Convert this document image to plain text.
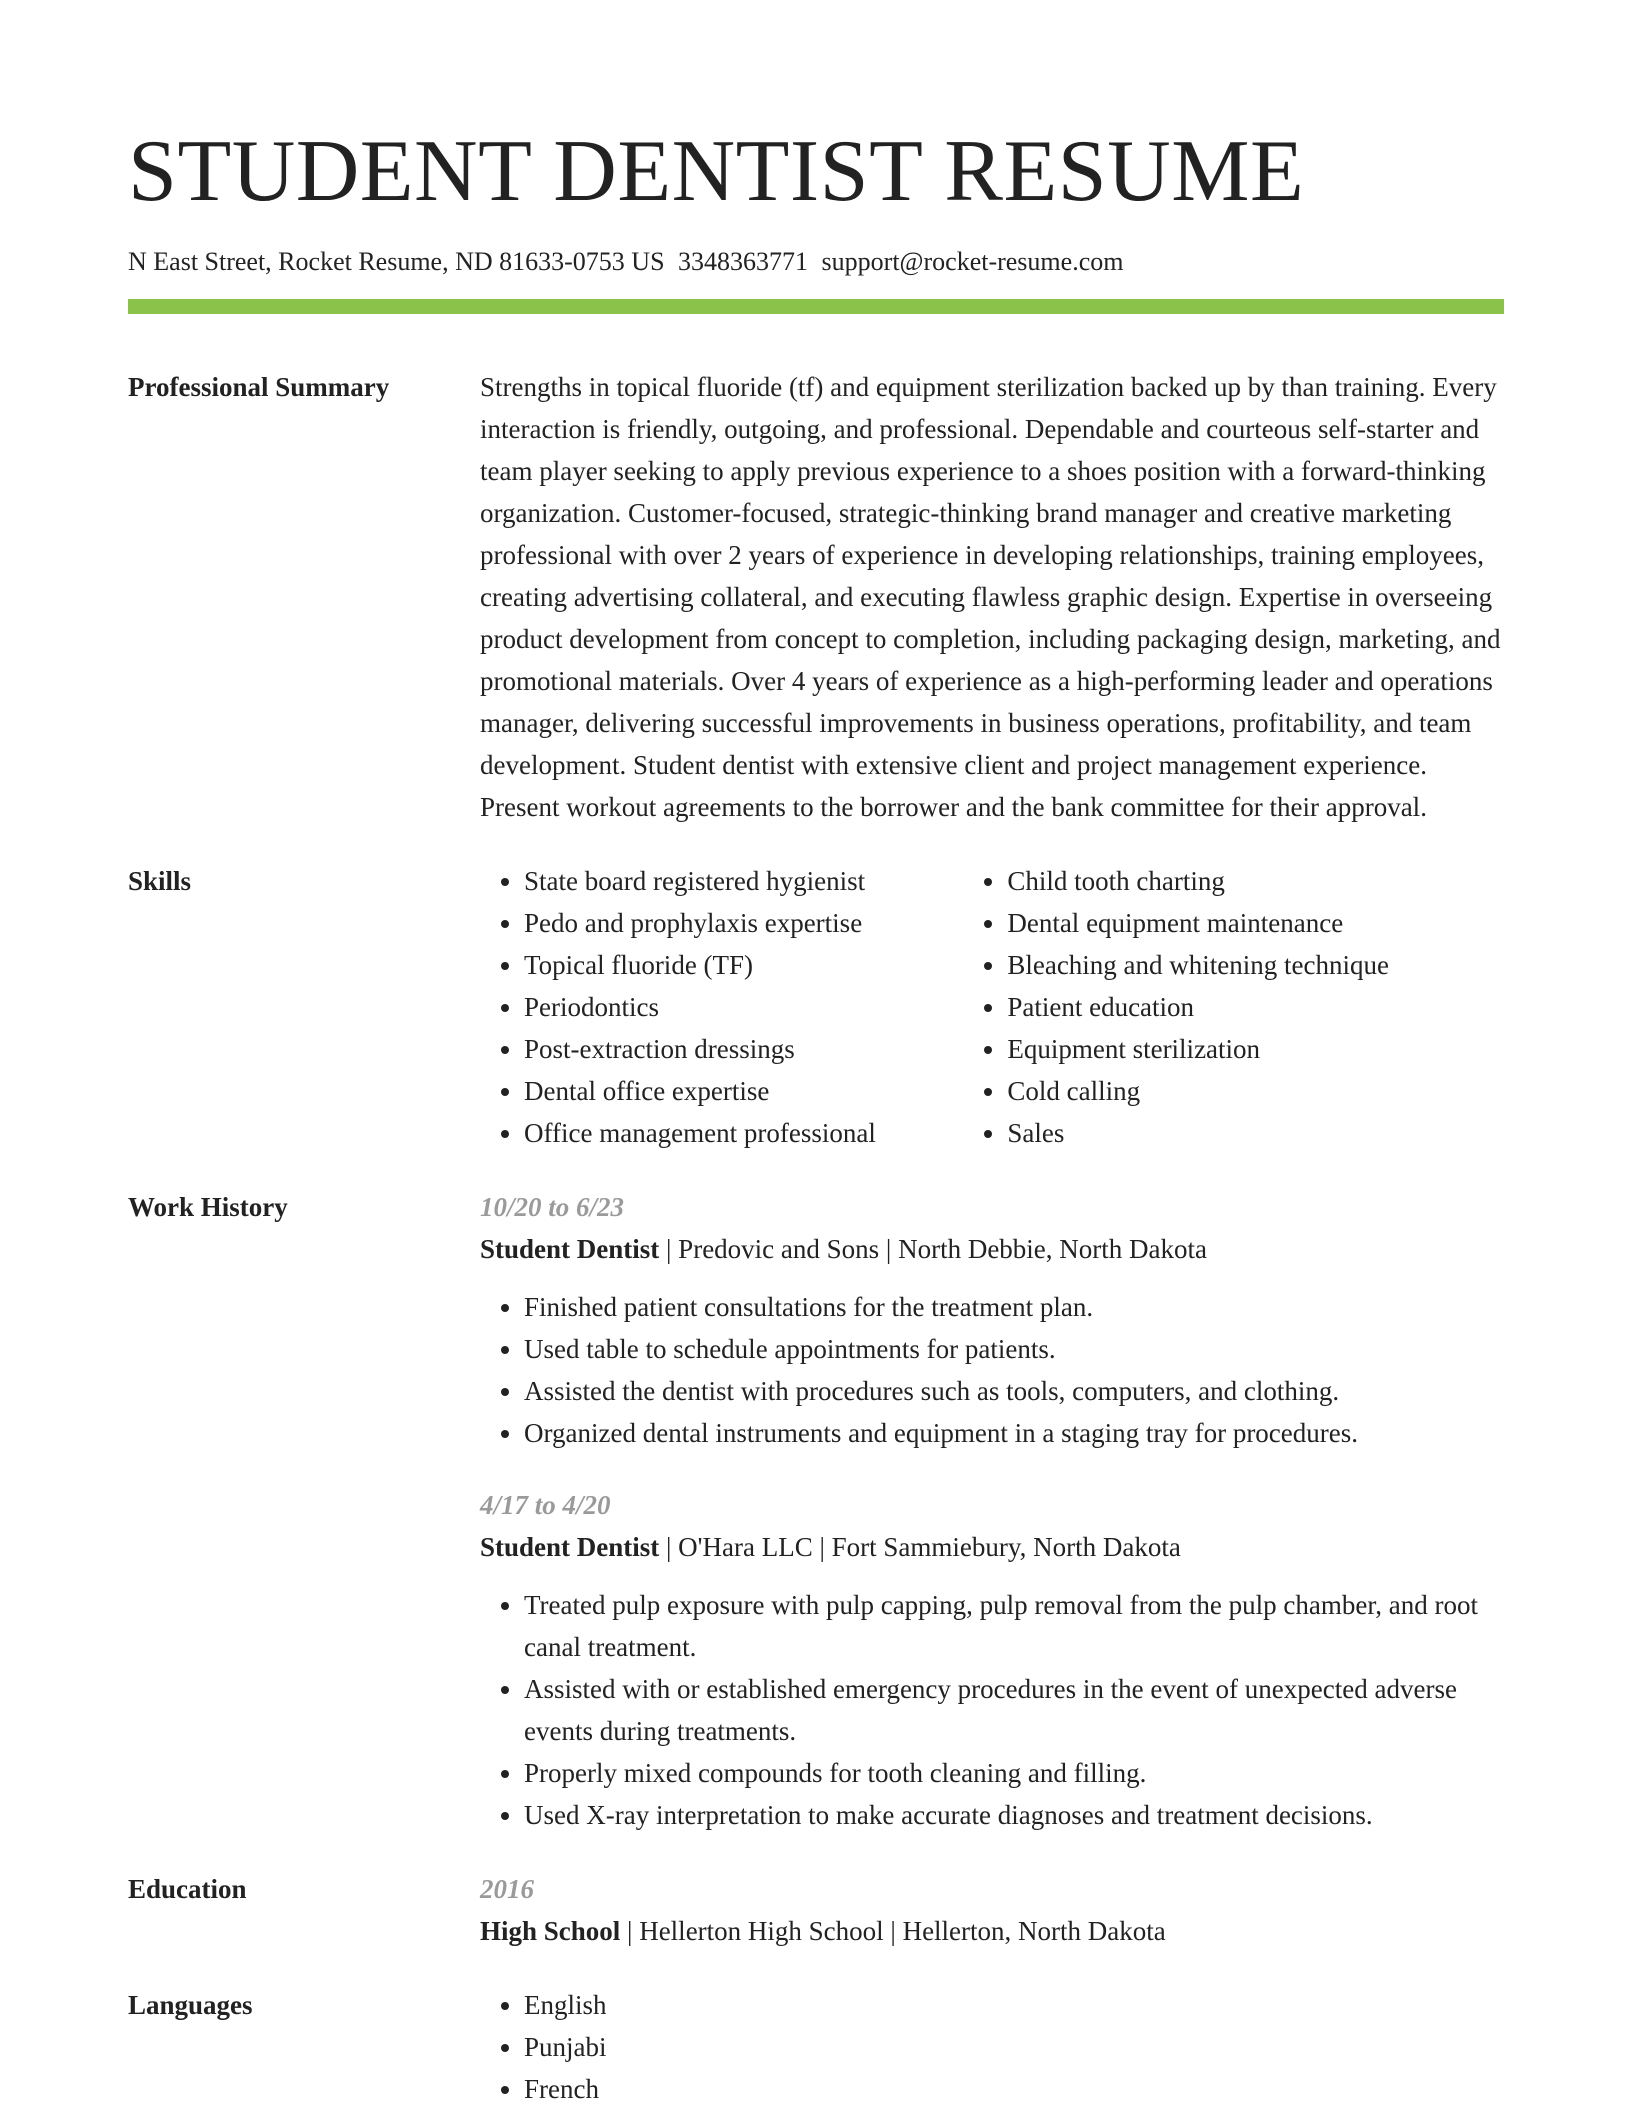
STUDENT DENTIST RESUME
N East Street, Rocket Resume, ND 81633-0753 US 3348363771 support@rocket-resume.com
Professional Summary	Strengths in topical fluoride (tf) and equipment sterilization backed up by than training. Every interaction is friendly, outgoing, and professional. Dependable and courteous self-starter and team player seeking to apply previous experience to a shoes position with a forward-thinking organization. Customer-focused, strategic-thinking brand manager and creative marketing professional with over 2 years of experience in developing relationships, training employees, creating advertising collateral, and executing flawless graphic design. Expertise in overseeing product development from concept to completion, including packaging design, marketing, and promotional materials. Over 4 years of experience as a high-performing leader and operations manager, delivering successful improvements in business operations, profitability, and team development. Student dentist with extensive client and project management experience. Present workout agreements to the borrower and the bank committee for their approval.

Skills	• State board registered hygienist
• Pedo and prophylaxis expertise
• Topical fluoride (TF)
• Periodontics
• Post-extraction dressings
• Dental office expertise
• Office management professional
• Child tooth charting
• Dental equipment maintenance
• Bleaching and whitening technique
• Patient education
• Equipment sterilization
• Cold calling
• Sales
Work History	10/20 to 6/23
Student Dentist | Predovic and Sons | North Debbie, North Dakota
• Finished patient consultations for the treatment plan.
• Used table to schedule appointments for patients.
• Assisted the dentist with procedures such as tools, computers, and clothing.
• Organized dental instruments and equipment in a staging tray for procedures.
4/17 to 4/20
Student Dentist | O'Hara LLC | Fort Sammiebury, North Dakota
• Treated pulp exposure with pulp capping, pulp removal from the pulp chamber, and root canal treatment.
• Assisted with or established emergency procedures in the event of unexpected adverse events during treatments.
• Properly mixed compounds for tooth cleaning and filling.
• Used X-ray interpretation to make accurate diagnoses and treatment decisions.
Education	2016
High School | Hellerton High School | Hellerton, North Dakota
Languages	• English
• Punjabi
• French
